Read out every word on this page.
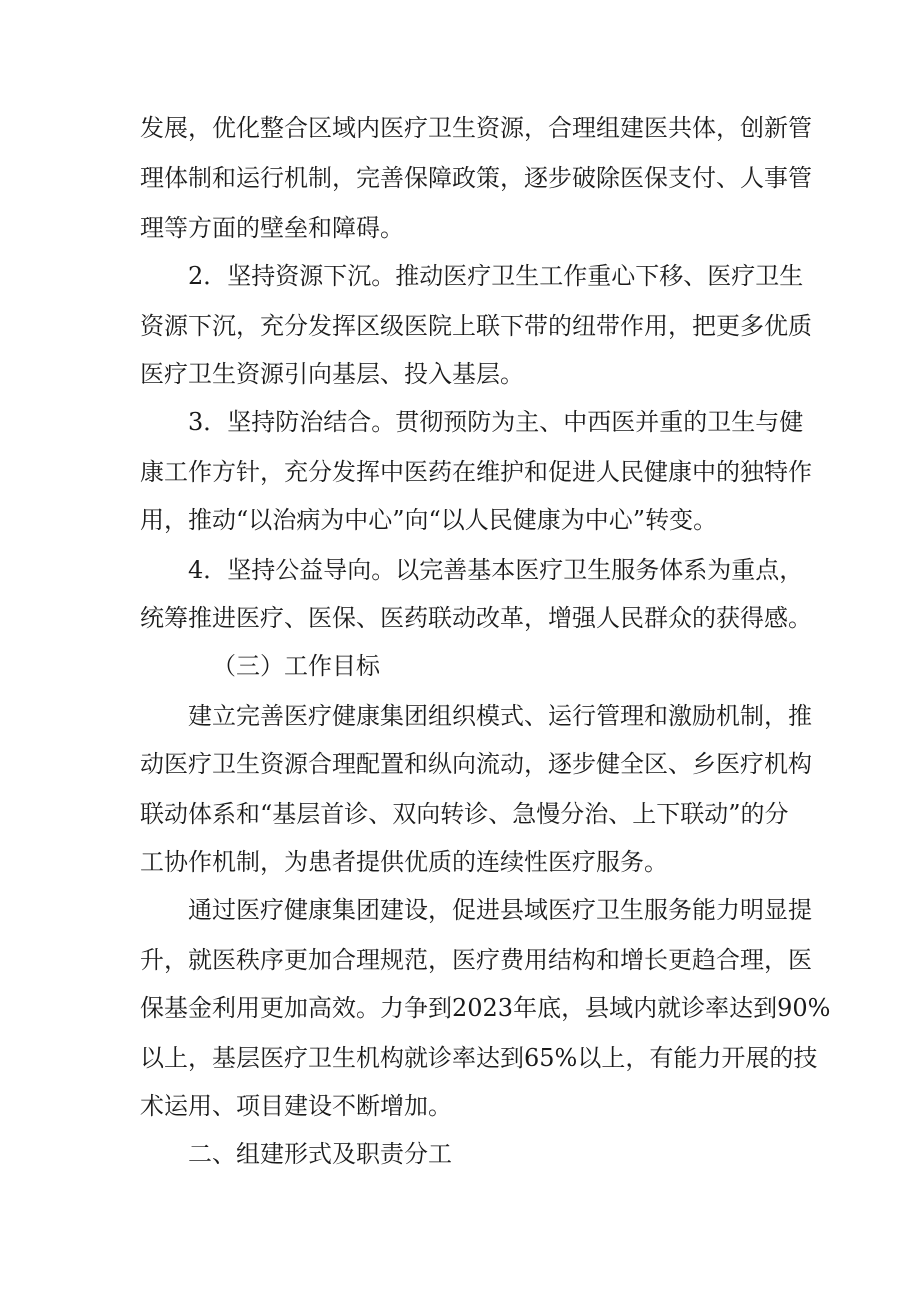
发展，优化整合区域内医疗卫生资源，合理组建医共体，创新管
理体制和运行机制，完善保障政策，逐步破除医保支付、人事管
理等方面的壁垒和障碍。
2．坚持资源下沉。推动医疗卫生工作重心下移、医疗卫生
资源下沉，充分发挥区级医院上联下带的纽带作用，把更多优质
医疗卫生资源引向基层、投入基层。
3．坚持防治结合。贯彻预防为主、中西医并重的卫生与健
康工作方针，充分发挥中医药在维护和促进人民健康中的独特作
用，推动“以治病为中心”向“以人民健康为中心”转变。
4．坚持公益导向。以完善基本医疗卫生服务体系为重点，
统筹推进医疗、医保、医药联动改革，增强人民群众的获得感。
（三）工作目标
建立完善医疗健康集团组织模式、运行管理和激励机制，推
动医疗卫生资源合理配置和纵向流动，逐步健全区、乡医疗机构
联动体系和“基层首诊、双向转诊、急慢分治、上下联动”的分
工协作机制，为患者提供优质的连续性医疗服务。
通过医疗健康集团建设，促进县域医疗卫生服务能力明显提
升，就医秩序更加合理规范，医疗费用结构和增长更趋合理，医
保基金利用更加高效。力争到2023年底，县域内就诊率达到90%
以上，基层医疗卫生机构就诊率达到65%以上，有能力开展的技
术运用、项目建设不断增加。
二、组建形式及职责分工
